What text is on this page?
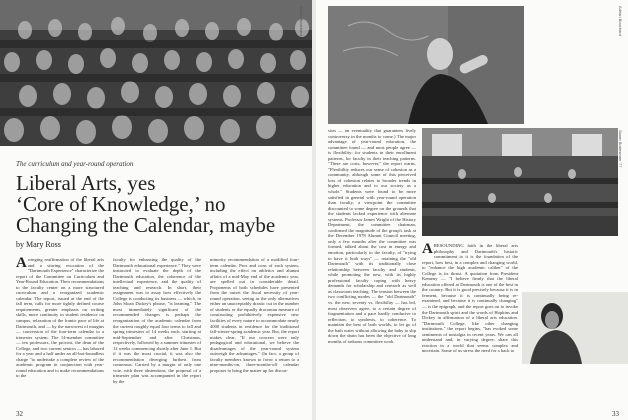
Adrian Bouchard
The curriculum and year-round operation
Liberal Arts, yes
‘Core of Knowledge,’ no
Changing the Calendar, maybe
by Mary Ross
A rringing reaffirmation of the liberal arts and a stirring evocation of the "Dartmouth Experience" characterize the report of the Committee on Curriculum and Year-Round Education. Their recommendations to the faculty center on a more structured curriculum and a reorganized academic calendar. The report, issued at the end of the fall term, calls for more tightly defined course requirements, greater emphasis on writing skills, more continuity in student residence on campus, relaxation of the frantic pace of life at Dartmouth, and — by the narrowest of margins — conversion of the four-term calendar to a trimester system. The 14-member committee — ten professors, the provost, the dean of the College, and two current seniors — has labored for a year and a half under an all-but-boundless charge "to undertake a complete review of the academic program in conjunction with year-round education and to make recommendations to the
faculty for enhancing the quality of the Dartmouth educational experience." They were instructed to evaluate the depth of the Dartmouth education, the coherence of the intellectual experience, and the quality of teaching and research. In short, their assignment was to assay how effectively the College is conducting its business — which, in John Sloan Dickey's phrase, "is learning." The most immediately significant of the recommended changes is perhaps the reorganization of the academic calendar from the current roughly equal four terms to fall and spring trimesters of 14 weeks each, starting at mid-September and after Christmas, respectively, followed by a summer trimester of 12 weeks commencing shortly after June 1. But if it was the most crucial, it was also the recommendation diverging furthest from consensus. Carried by a margin of only one vote, with three abstentions, the proposal of a trimester plan was accompanied in the report by the
minority recommendation of a modified four-term calendar. Pros and cons of each system, including the effect on athletics and alumni affairs of a mid-May end of the academic year, are spelled out in considerable detail. Proponents of both schedules have presented from the outset the fiscal necessity of year-round operation, seeing as the only alternatives either an unacceptably drastic cut in the number of students or the equally draconian measure of constructing prohibitively expensive new facilities of every nature to accommodate nearly 4000 students in residence for the traditional fall-winter-spring academic year. But, the report makes clear, "If our concern were only pedagogical and educational, we believe the disadvantages of the year-round system outweigh the advantages." (In fact, a group of faculty members known to favor a return to a nine-months-on, three-months-off calendar proposes to bring the matter up for discus-
32
Adrian Bouchard
Stuart Bratesman '77
sion — an eventuality that guarantees lively controversy in the months to come.) The major advantage of year-round education, the committee found — and most people agree — is flexibility: for students in their enrollment patterns, for faculty in their teaching patterns. "There are costs, however," the report warns. "Flexibility reduces our sense of cohesion as a community, although some of this perceived loss of cohesion relates to broader trends in higher education and to our society as a whole." Students were found to be more satisfied in general with year-round operation than faculty, a viewpoint the committee discounted to some degree on the grounds that the students lacked experience with alternate systems. Professor James Wright of the History Department, the committee chairman, confirmed the magnitude of the group's task at the December 1978 Alumni Council meeting, only a few months after the committee was formed, talked about the cost in energy and emotion, particularly to the faculty, of "trying to have it both ways" — retaining the "old Dartmouth" with its traditionally close relationship between faculty and students, while promoting the new, with its highly professional faculty coping with heavy demands for scholarship and research as well as classroom teaching. The tension between the two conflicting modes — the "old Dartmouth" vs. the new, seventy vs. flexibility — has led, most observers agree, to a certain degree of fragmentation and a pace hardly conducive to reflection, to synthesis, to coherence. To maintain the best of both worlds, to let go of the bath water without allowing the baby to slip down the drain has been the objective of long months of arduous committee work.
A RESOUNDING faith in the liberal arts philosophy and Dartmouth's historic commitment to it is the foundation of the report, how best, in a complex and changing world, to "enhance the high academic caliber" of the College is its thrust. A quotation from President Kemeny — "I believe firmly that the liberal education offered at Dartmouth is one of the best in the country. But it is good precisely because it is in ferment, because it is continually being re-examined, and because it is continually changing" — is the epigraph, and the report goes on to invoke the Dartmouth spirit and the words of Hopkins and Dickey in affirmation of a liberal arts education. "Dartmouth College, like other changing institutions," the report begins, "has evoked some sentiments of nostalgia in recent years. We can all understand and, in varying degree, share this reaction in a world that seems complex and uncertain. Some of us stress the need for a back to
33
